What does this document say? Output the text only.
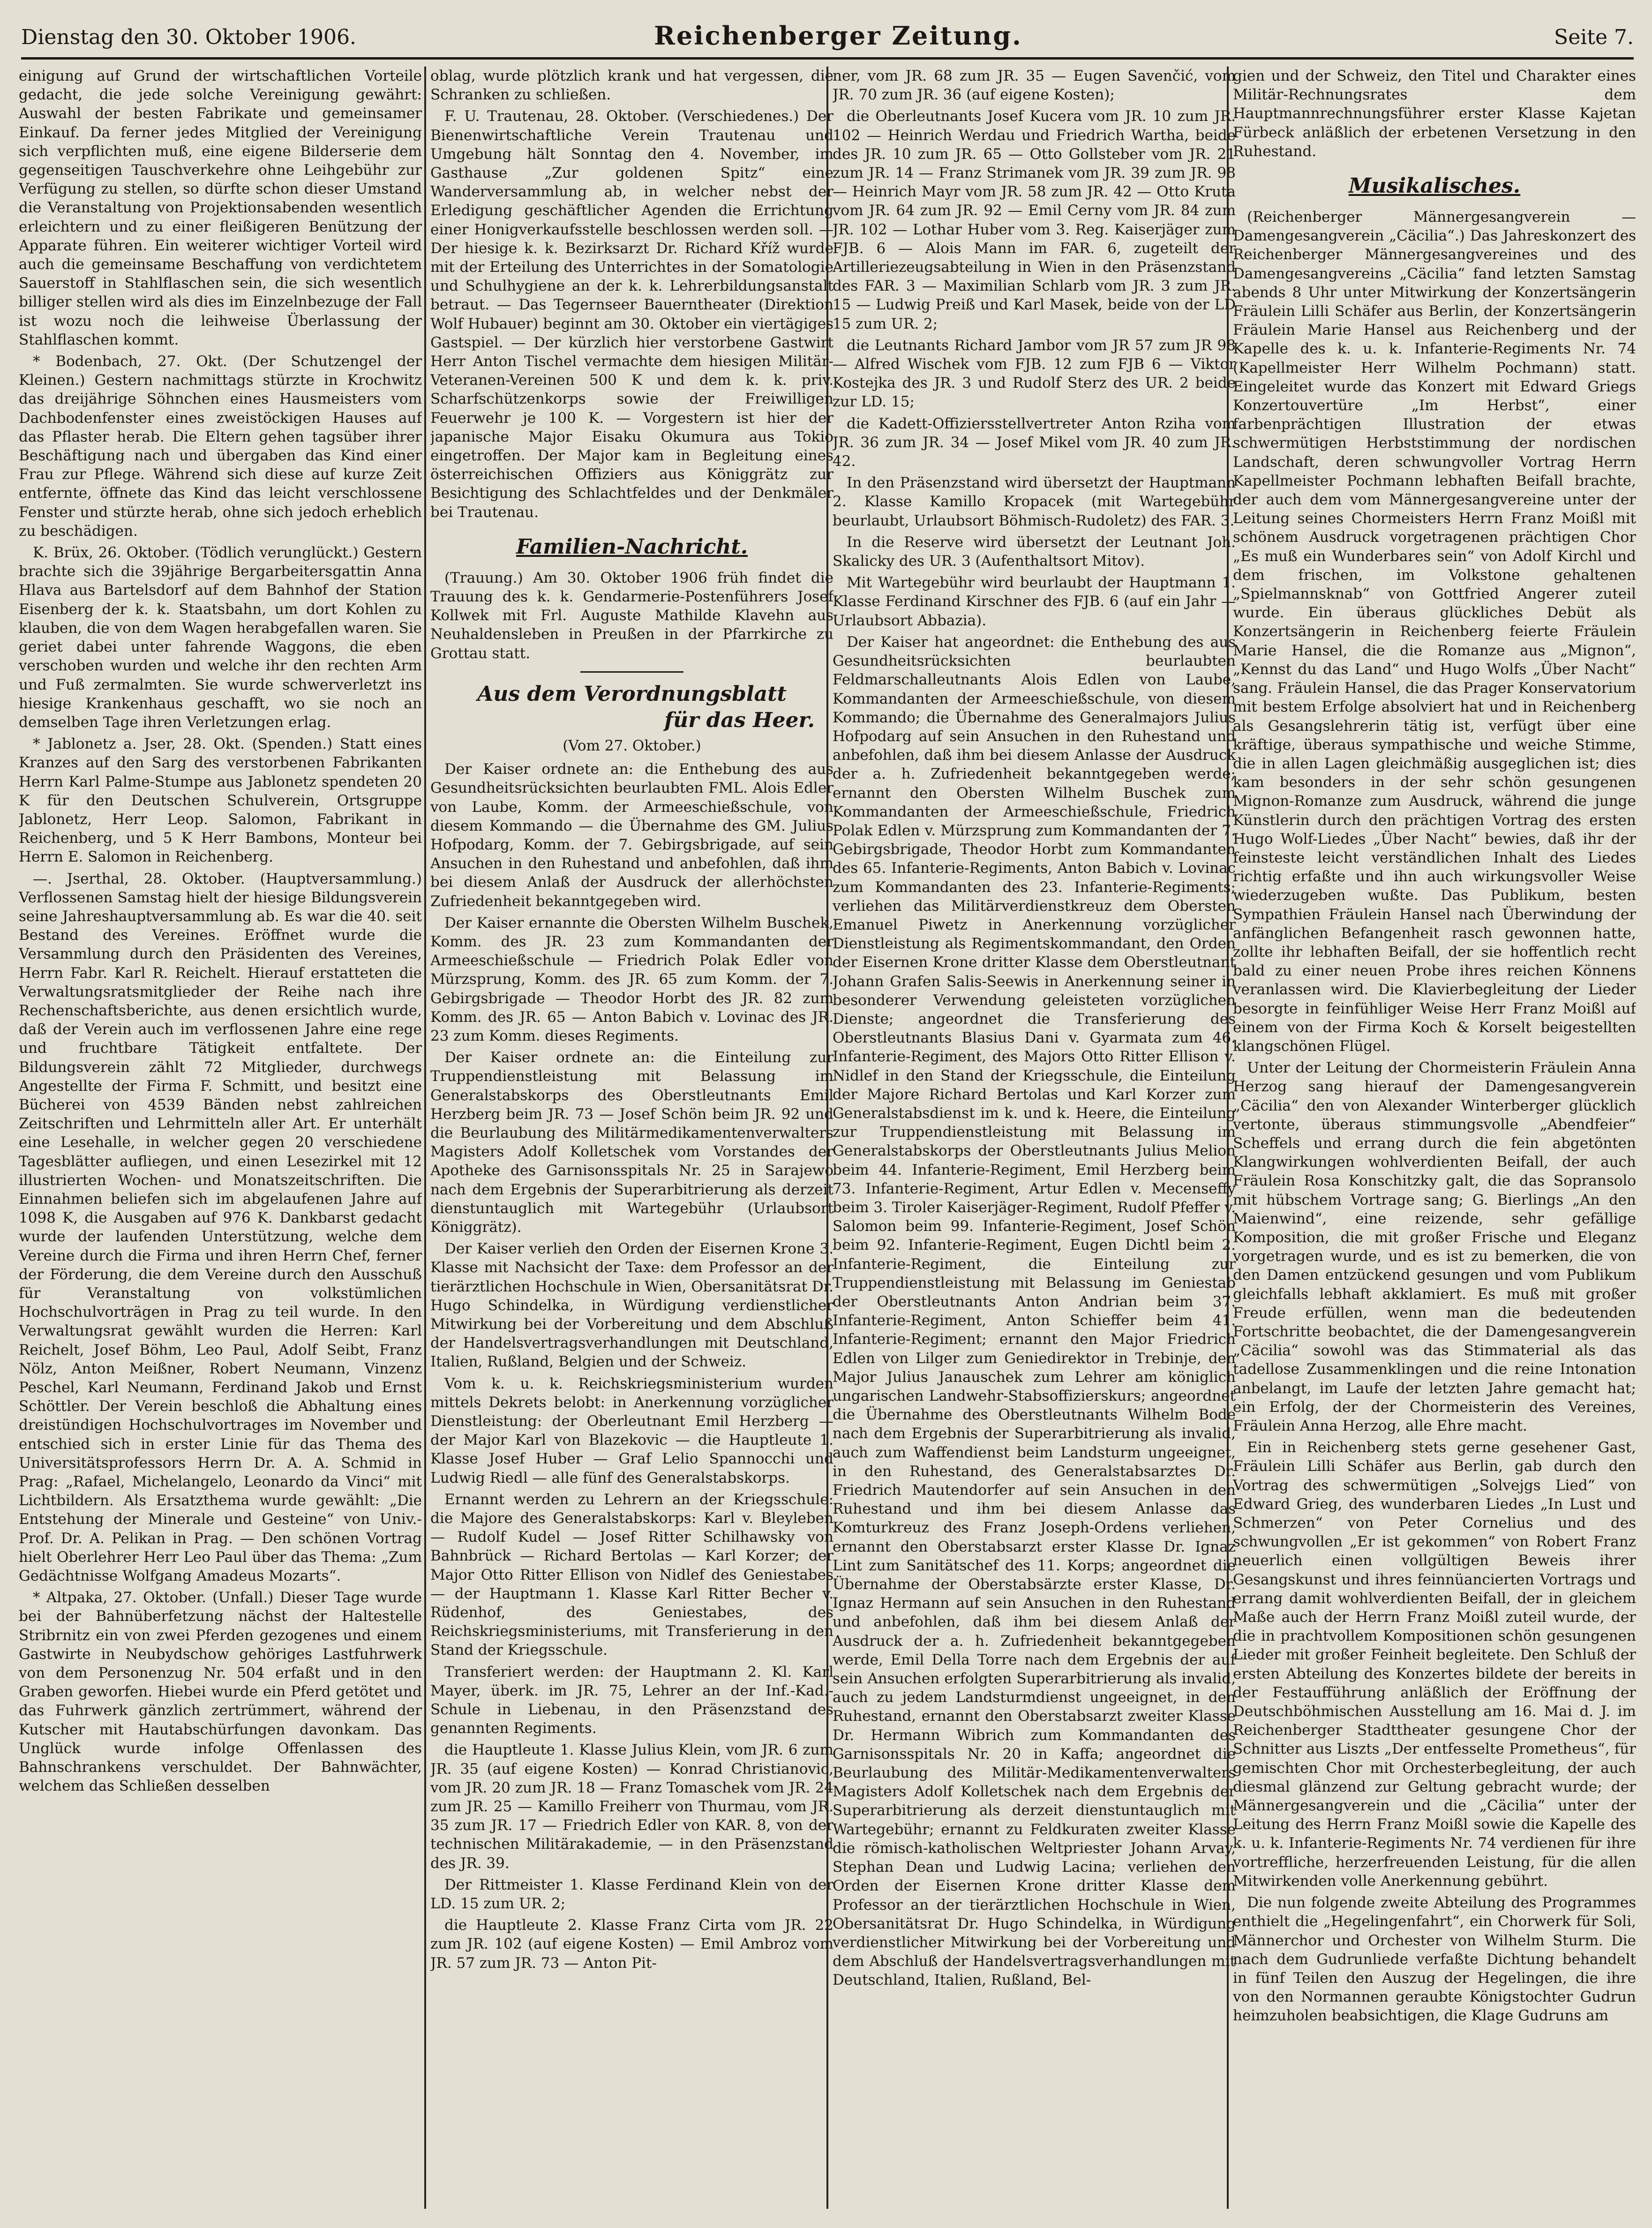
Dienstag den 30. Oktober 1906.	Reichenberger Zeitung.	Seite 7.

einigung auf Grund der wirtschaftlichen Vorteile gedacht, die jede solche Vereinigung gewährt: Auswahl der besten Fabrikate und gemeinsamer Einkauf. Da ferner jedes Mitglied der Vereinigung sich verpflichten muß, eine eigene Bilderserie dem gegenseitigen Tauschverkehre ohne Leihgebühr zur Verfügung zu stellen, so dürfte schon dieser Umstand die Veranstaltung von Projektionsabenden wesentlich erleichtern und zu einer fleißigeren Benützung der Apparate führen. Ein weiterer wichtiger Vorteil wird auch die gemeinsame Beschaffung von verdichtetem Sauerstoff in Stahlflaschen sein, die sich wesentlich billiger stellen wird als dies im Einzelnbezuge der Fall ist wozu noch die leihweise Überlassung der Stahlflaschen kommt.

* Bodenbach, 27. Okt. (Der Schutzengel der Kleinen.) Gestern nachmittags stürzte in Krochwitz das dreijährige Söhnchen eines Hausmeisters vom Dachbodenfenster eines zweistöckigen Hauses auf das Pflaster herab. Die Eltern gehen tagsüber ihrer Beschäftigung nach und übergaben das Kind einer Frau zur Pflege. Während sich diese auf kurze Zeit entfernte, öffnete das Kind das leicht verschlossene Fenster und stürzte herab, ohne sich jedoch erheblich zu beschädigen.

K. Brüx, 26. Oktober. (Tödlich verunglückt.) Gestern brachte sich die 39jährige Bergarbeitersgattin Anna Hlava aus Bartelsdorf auf dem Bahnhof der Station Eisenberg der k. k. Staatsbahn, um dort Kohlen zu klauben, die von dem Wagen herabgefallen waren. Sie geriet dabei unter fahrende Waggons, die eben verschoben wurden und welche ihr den rechten Arm und Fuß zermalmten. Sie wurde schwerverletzt ins hiesige Krankenhaus geschafft, wo sie noch an demselben Tage ihren Verletzungen erlag.

* Jablonetz a. Jser, 28. Okt. (Spenden.) Statt eines Kranzes auf den Sarg des verstorbenen Fabrikanten Herrn Karl Palme-Stumpe aus Jablonetz spendeten 20 K für den Deutschen Schulverein, Ortsgruppe Jablonetz, Herr Leop. Salomon, Fabrikant in Reichenberg, und 5 K Herr Bambons, Monteur bei Herrn E. Salomon in Reichenberg.

—. Jserthal, 28. Oktober. (Hauptversammlung.) Verflossenen Samstag hielt der hiesige Bildungsverein seine Jahreshauptversammlung ab. Es war die 40. seit Bestand des Vereines. Eröffnet wurde die Versammlung durch den Präsidenten des Vereines, Herrn Fabr. Karl R. Reichelt. Hierauf erstatteten die Verwaltungsratsmitglieder der Reihe nach ihre Rechenschaftsberichte, aus denen ersichtlich wurde, daß der Verein auch im verflossenen Jahre eine rege und fruchtbare Tätigkeit entfaltete. Der Bildungsverein zählt 72 Mitglieder, durchwegs Angestellte der Firma F. Schmitt, und besitzt eine Bücherei von 4539 Bänden nebst zahlreichen Zeitschriften und Lehrmitteln aller Art. Er unterhält eine Lesehalle, in welcher gegen 20 verschiedene Tagesblätter aufliegen, und einen Lesezirkel mit 12 illustrierten Wochen- und Monatszeitschriften. Die Einnahmen beliefen sich im abgelaufenen Jahre auf 1098 K, die Ausgaben auf 976 K. Dankbarst gedacht wurde der laufenden Unterstützung, welche dem Vereine durch die Firma und ihren Herrn Chef, ferner der Förderung, die dem Vereine durch den Ausschuß für Veranstaltung von volkstümlichen Hochschulvorträgen in Prag zu teil wurde. In den Verwaltungsrat gewählt wurden die Herren: Karl Reichelt, Josef Böhm, Leo Paul, Adolf Seibt, Franz Nölz, Anton Meißner, Robert Neumann, Vinzenz Peschel, Karl Neumann, Ferdinand Jakob und Ernst Schöttler. Der Verein beschloß die Abhaltung eines dreistündigen Hochschulvortrages im November und entschied sich in erster Linie für das Thema des Universitätsprofessors Herrn Dr. A. A. Schmid in Prag: „Rafael, Michelangelo, Leonardo da Vinci“ mit Lichtbildern. Als Ersatzthema wurde gewählt: „Die Entstehung der Minerale und Gesteine“ von Univ.-Prof. Dr. A. Pelikan in Prag. — Den schönen Vortrag hielt Oberlehrer Herr Leo Paul über das Thema: „Zum Gedächtnisse Wolfgang Amadeus Mozarts“.

* Altpaka, 27. Oktober. (Unfall.) Dieser Tage wurde bei der Bahnüberfetzung nächst der Haltestelle Stribrnitz ein von zwei Pferden gezogenes und einem Gastwirte in Neubydschow gehöriges Lastfuhrwerk von dem Personenzug Nr. 504 erfaßt und in den Graben geworfen. Hiebei wurde ein Pferd getötet und das Fuhrwerk gänzlich zertrümmert, während der Kutscher mit Hautabschürfungen davonkam. Das Unglück wurde infolge Offenlassen des Bahnschrankens verschuldet. Der Bahnwächter, welchem das Schließen desselben

oblag, wurde plötzlich krank und hat vergessen, die Schranken zu schließen.

F. U. Trautenau, 28. Oktober. (Verschiedenes.) Der Bienenwirtschaftliche Verein Trautenau und Umgebung hält Sonntag den 4. November, im Gasthause „Zur goldenen Spitz“ eine Wanderversammlung ab, in welcher nebst der Erledigung geschäftlicher Agenden die Errichtung einer Honigverkaufsstelle beschlossen werden soll. — Der hiesige k. k. Bezirksarzt Dr. Richard Kříž wurde mit der Erteilung des Unterrichtes in der Somatologie und Schulhygiene an der k. k. Lehrerbildungsanstalt betraut. — Das Tegernseer Bauerntheater (Direktion Wolf Hubauer) beginnt am 30. Oktober ein viertägiges Gastspiel. — Der kürzlich hier verstorbene Gastwirt Herr Anton Tischel vermachte dem hiesigen Militär-Veteranen-Vereinen 500 K und dem k. k. priv. Scharfschützenkorps sowie der Freiwilligen Feuerwehr je 100 K. — Vorgestern ist hier der japanische Major Eisaku Okumura aus Tokio eingetroffen. Der Major kam in Begleitung eines österreichischen Offiziers aus Königgrätz zur Besichtigung des Schlachtfeldes und der Denkmäler bei Trautenau.

Familien-Nachricht.

(Trauung.) Am 30. Oktober 1906 früh findet die Trauung des k. k. Gendarmerie-Postenführers Josef Kollwek mit Frl. Auguste Mathilde Klavehn aus Neuhaldensleben in Preußen in der Pfarrkirche zu Grottau statt.

Aus dem Verordnungsblatt
für das Heer.
(Vom 27. Oktober.)

Der Kaiser ordnete an: die Enthebung des aus Gesundheitsrücksichten beurlaubten FML. Alois Edler von Laube, Komm. der Armeeschießschule, von diesem Kommando — die Übernahme des GM. Julius Hofpodarg, Komm. der 7. Gebirgsbrigade, auf sein Ansuchen in den Ruhestand und anbefohlen, daß ihm bei diesem Anlaß der Ausdruck der allerhöchsten Zufriedenheit bekanntgegeben wird.

Der Kaiser ernannte die Obersten Wilhelm Buschek, Komm. des JR. 23 zum Kommandanten der Armeeschießschule — Friedrich Polak Edler von Mürzsprung, Komm. des JR. 65 zum Komm. der 7. Gebirgsbrigade — Theodor Horbt des JR. 82 zum Komm. des JR. 65 — Anton Babich v. Lovinac des JR. 23 zum Komm. dieses Regiments.

Der Kaiser ordnete an: die Einteilung zur Truppendienstleistung mit Belassung im Generalstabskorps des Oberstleutnants Emil Herzberg beim JR. 73 — Josef Schön beim JR. 92 und die Beurlaubung des Militärmedikamentenverwalters Magisters Adolf Kolletschek vom Vorstandes der Apotheke des Garnisonsspitals Nr. 25 in Sarajewo nach dem Ergebnis der Superarbitrierung als derzeit dienstuntauglich mit Wartegebühr (Urlaubsort Königgrätz).

Der Kaiser verlieh den Orden der Eisernen Krone 3. Klasse mit Nachsicht der Taxe: dem Professor an der tierärztlichen Hochschule in Wien, Obersanitätsrat Dr. Hugo Schindelka, in Würdigung verdienstlicher Mitwirkung bei der Vorbereitung und dem Abschluß der Handelsvertragsverhandlungen mit Deutschland, Italien, Rußland, Belgien und der Schweiz.

Vom k. u. k. Reichskriegsministerium wurden mittels Dekrets belobt: in Anerkennung vorzüglicher Dienstleistung: der Oberleutnant Emil Herzberg — der Major Karl von Blazekovic — die Hauptleute 1. Klasse Josef Huber — Graf Lelio Spannocchi und Ludwig Riedl — alle fünf des Generalstabskorps.

Ernannt werden zu Lehrern an der Kriegsschule: die Majore des Generalstabskorps: Karl v. Bleyleben — Rudolf Kudel — Josef Ritter Schilhawsky von Bahnbrück — Richard Bertolas — Karl Korzer; der Major Otto Ritter Ellison von Nidlef des Geniestabes — der Hauptmann 1. Klasse Karl Ritter Becher v. Rüdenhof, des Geniestabes, des Reichskriegsministeriums, mit Transferierung in den Stand der Kriegsschule.

Transferiert werden: der Hauptmann 2. Kl. Karl Mayer, überk. im JR. 75, Lehrer an der Inf.-Kad.-Schule in Liebenau, in den Präsenzstand des genannten Regiments.

die Hauptleute 1. Klasse Julius Klein, vom JR. 6 zum JR. 35 (auf eigene Kosten) — Konrad Christianovic, vom JR. 20 zum JR. 18 — Franz Tomaschek vom JR. 24 zum JR. 25 — Kamillo Freiherr von Thurmau, vom JR. 35 zum JR. 17 — Friedrich Edler von KAR. 8, von der technischen Militärakademie, — in den Präsenzstand des JR. 39.

Der Rittmeister 1. Klasse Ferdinand Klein von der LD. 15 zum UR. 2;

die Hauptleute 2. Klasse Franz Cirta vom JR. 22 zum JR. 102 (auf eigene Kosten) — Emil Ambroz vom JR. 57 zum JR. 73 — Anton Pit-

ner, vom JR. 68 zum JR. 35 — Eugen Savenčić, vom JR. 70 zum JR. 36 (auf eigene Kosten);

die Oberleutnants Josef Kucera vom JR. 10 zum JR. 102 — Heinrich Werdau und Friedrich Wartha, beide des JR. 10 zum JR. 65 — Otto Gollsteber vom JR. 21 zum JR. 14 — Franz Strimanek vom JR. 39 zum JR. 98 — Heinrich Mayr vom JR. 58 zum JR. 42 — Otto Kruta vom JR. 64 zum JR. 92 — Emil Cerny vom JR. 84 zum JR. 102 — Lothar Huber vom 3. Reg. Kaiserjäger zum FJB. 6 — Alois Mann im FAR. 6, zugeteilt der Artilleriezeugsabteilung in Wien in den Präsenzstand des FAR. 3 — Maximilian Schlarb vom JR. 3 zum JR. 15 — Ludwig Preiß und Karl Masek, beide von der LD 15 zum UR. 2;

die Leutnants Richard Jambor vom JR 57 zum JR 98 — Alfred Wischek vom FJB. 12 zum FJB 6 — Viktor Kostejka des JR. 3 und Rudolf Sterz des UR. 2 beide zur LD. 15;

die Kadett-Offiziersstellvertreter Anton Rziha vom JR. 36 zum JR. 34 — Josef Mikel vom JR. 40 zum JR. 42.

In den Präsenzstand wird übersetzt der Hauptmann 2. Klasse Kamillo Kropacek (mit Wartegebühr beurlaubt, Urlaubsort Böhmisch-Rudoletz) des FAR. 3.

In die Reserve wird übersetzt der Leutnant Joh. Skalicky des UR. 3 (Aufenthaltsort Mitov).

Mit Wartegebühr wird beurlaubt der Hauptmann 1. Klasse Ferdinand Kirschner des FJB. 6 (auf ein Jahr — Urlaubsort Abbazia).

Der Kaiser hat angeordnet: die Enthebung des aus Gesundheitsrücksichten beurlaubten Feldmarschalleutnants Alois Edlen von Laube, Kommandanten der Armeeschießschule, von diesem Kommando; die Übernahme des Generalmajors Julius Hofpodarg auf sein Ansuchen in den Ruhestand und anbefohlen, daß ihm bei diesem Anlasse der Ausdruck der a. h. Zufriedenheit bekanntgegeben werde; ernannt den Obersten Wilhelm Buschek zum Kommandanten der Armeeschießschule, Friedrich Polak Edlen v. Mürzsprung zum Kommandanten der 7. Gebirgsbrigade, Theodor Horbt zum Kommandanten des 65. Infanterie-Regiments, Anton Babich v. Lovinac zum Kommandanten des 23. Infanterie-Regiments; verliehen das Militärverdienstkreuz dem Obersten Emanuel Piwetz in Anerkennung vorzüglicher Dienstleistung als Regimentskommandant, den Orden der Eisernen Krone dritter Klasse dem Oberstleutnant Johann Grafen Salis-Seewis in Anerkennung seiner in besonderer Verwendung geleisteten vorzüglichen Dienste; angeordnet die Transferierung des Oberstleutnants Blasius Dani v. Gyarmata zum 46. Infanterie-Regiment, des Majors Otto Ritter Ellison v. Nidlef in den Stand der Kriegsschule, die Einteilung der Majore Richard Bertolas und Karl Korzer zum Generalstabsdienst im k. und k. Heere, die Einteilung zur Truppendienstleistung mit Belassung im Generalstabskorps der Oberstleutnants Julius Melion beim 44. Infanterie-Regiment, Emil Herzberg beim 73. Infanterie-Regiment, Artur Edlen v. Mecenseffy beim 3. Tiroler Kaiserjäger-Regiment, Rudolf Pfeffer v. Salomon beim 99. Infanterie-Regiment, Josef Schön beim 92. Infanterie-Regiment, Eugen Dichtl beim 2. Infanterie-Regiment, die Einteilung zur Truppendienstleistung mit Belassung im Geniestab der Oberstleutnants Anton Andrian beim 37. Infanterie-Regiment, Anton Schieffer beim 41. Infanterie-Regiment; ernannt den Major Friedrich Edlen von Lilger zum Geniedirektor in Trebinje, den Major Julius Janauschek zum Lehrer am königlich ungarischen Landwehr-Stabsoffizierskurs; angeordnet die Übernahme des Oberstleutnants Wilhelm Bode nach dem Ergebnis der Superarbitrierung als invalid, auch zum Waffendienst beim Landsturm ungeeignet, in den Ruhestand, des Generalstabsarztes Dr. Friedrich Mautendorfer auf sein Ansuchen in den Ruhestand und ihm bei diesem Anlasse das Komturkreuz des Franz Joseph-Ordens verliehen, ernannt den Oberstabsarzt erster Klasse Dr. Ignaz Lint zum Sanitätschef des 11. Korps; angeordnet die Übernahme der Oberstabsärzte erster Klasse, Dr. Ignaz Hermann auf sein Ansuchen in den Ruhestand und anbefohlen, daß ihm bei diesem Anlaß der Ausdruck der a. h. Zufriedenheit bekanntgegeben werde, Emil Della Torre nach dem Ergebnis der auf sein Ansuchen erfolgten Superarbitrierung als invalid, auch zu jedem Landsturmdienst ungeeignet, in den Ruhestand, ernannt den Oberstabsarzt zweiter Klasse Dr. Hermann Wibrich zum Kommandanten des Garnisonsspitals Nr. 20 in Kaffa; angeordnet die Beurlaubung des Militär-Medikamentenverwalters Magisters Adolf Kolletschek nach dem Ergebnis der Superarbitrierung als derzeit dienstuntauglich mit Wartegebühr; ernannt zu Feldkuraten zweiter Klasse die römisch-katholischen Weltpriester Johann Arvay, Stephan Dean und Ludwig Lacina; verliehen den Orden der Eisernen Krone dritter Klasse dem Professor an der tierärztlichen Hochschule in Wien, Obersanitätsrat Dr. Hugo Schindelka, in Würdigung verdienstlicher Mitwirkung bei der Vorbereitung und dem Abschluß der Handelsvertragsverhandlungen mit Deutschland, Italien, Rußland, Bel-

gien und der Schweiz, den Titel und Charakter eines Militär-Rechnungsrates dem Hauptmannrechnungsführer erster Klasse Kajetan Fürbeck anläßlich der erbetenen Versetzung in den Ruhestand.

Musikalisches.

(Reichenberger Männergesangverein — Damengesangverein „Cäcilia“.) Das Jahreskonzert des Reichenberger Männergesangvereines und des Damengesangvereins „Cäcilia“ fand letzten Samstag abends 8 Uhr unter Mitwirkung der Konzertsängerin Fräulein Lilli Schäfer aus Berlin, der Konzertsängerin Fräulein Marie Hansel aus Reichenberg und der Kapelle des k. u. k. Infanterie-Regiments Nr. 74 (Kapellmeister Herr Wilhelm Pochmann) statt. Eingeleitet wurde das Konzert mit Edward Griegs Konzertouvertüre „Im Herbst“, einer farbenprächtigen Illustration der etwas schwermütigen Herbststimmung der nordischen Landschaft, deren schwungvoller Vortrag Herrn Kapellmeister Pochmann lebhaften Beifall brachte, der auch dem vom Männergesangvereine unter der Leitung seines Chormeisters Herrn Franz Moißl mit schönem Ausdruck vorgetragenen prächtigen Chor „Es muß ein Wunderbares sein“ von Adolf Kirchl und dem frischen, im Volkstone gehaltenen „Spielmannsknab“ von Gottfried Angerer zuteil wurde. Ein überaus glückliches Debüt als Konzertsängerin in Reichenberg feierte Fräulein Marie Hansel, die die Romanze aus „Mignon“, „Kennst du das Land“ und Hugo Wolfs „Über Nacht“ sang. Fräulein Hansel, die das Prager Konservatorium mit bestem Erfolge absolviert hat und in Reichenberg als Gesangslehrerin tätig ist, verfügt über eine kräftige, überaus sympathische und weiche Stimme, die in allen Lagen gleichmäßig ausgeglichen ist; dies kam besonders in der sehr schön gesungenen Mignon-Romanze zum Ausdruck, während die junge Künstlerin durch den prächtigen Vortrag des ersten Hugo Wolf-Liedes „Über Nacht“ bewies, daß ihr der feinsteste leicht verständlichen Inhalt des Liedes richtig erfaßte und ihn auch wirkungsvoller Weise wiederzugeben wußte. Das Publikum, besten Sympathien Fräulein Hansel nach Überwindung der anfänglichen Befangenheit rasch gewonnen hatte, zollte ihr lebhaften Beifall, der sie hoffentlich recht bald zu einer neuen Probe ihres reichen Könnens veranlassen wird. Die Klavierbegleitung der Lieder besorgte in feinfühliger Weise Herr Franz Moißl auf einem von der Firma Koch & Korselt beigestellten klangschönen Flügel.

Unter der Leitung der Chormeisterin Fräulein Anna Herzog sang hierauf der Damengesangverein „Cäcilia“ den von Alexander Winterberger glücklich vertonte, überaus stimmungsvolle „Abendfeier“ Scheffels und errang durch die fein abgetönten Klangwirkungen wohlverdienten Beifall, der auch Fräulein Rosa Konschitzky galt, die das Sopransolo mit hübschem Vortrage sang; G. Bierlings „An den Maienwind“, eine reizende, sehr gefällige Komposition, die mit großer Frische und Eleganz vorgetragen wurde, und es ist zu bemerken, die von den Damen entzückend gesungen und vom Publikum gleichfalls lebhaft akklamiert. Es muß mit großer Freude erfüllen, wenn man die bedeutenden Fortschritte beobachtet, die der Damengesangverein „Cäcilia“ sowohl was das Stimmaterial als das tadellose Zusammenklingen und die reine Intonation anbelangt, im Laufe der letzten Jahre gemacht hat; ein Erfolg, der der Chormeisterin des Vereines, Fräulein Anna Herzog, alle Ehre macht.

Ein in Reichenberg stets gerne gesehener Gast, Fräulein Lilli Schäfer aus Berlin, gab durch den Vortrag des schwermütigen „Solvejgs Lied“ von Edward Grieg, des wunderbaren Liedes „In Lust und Schmerzen“ von Peter Cornelius und des schwungvollen „Er ist gekommen“ von Robert Franz neuerlich einen vollgültigen Beweis ihrer Gesangskunst und ihres feinnüancierten Vortrags und errang damit wohlverdienten Beifall, der in gleichem Maße auch der Herrn Franz Moißl zuteil wurde, der die in prachtvollem Kompositionen schön gesungenen Lieder mit großer Feinheit begleitete. Den Schluß der ersten Abteilung des Konzertes bildete der bereits in der Festaufführung anläßlich der Eröffnung der Deutschböhmischen Ausstellung am 16. Mai d. J. im Reichenberger Stadttheater gesungene Chor der Schnitter aus Liszts „Der entfesselte Prometheus“, für gemischten Chor mit Orchesterbegleitung, der auch diesmal glänzend zur Geltung gebracht wurde; der Männergesangverein und die „Cäcilia“ unter der Leitung des Herrn Franz Moißl sowie die Kapelle des k. u. k. Infanterie-Regiments Nr. 74 verdienen für ihre vortreffliche, herzerfreuenden Leistung, für die allen Mitwirkenden volle Anerkennung gebührt.

Die nun folgende zweite Abteilung des Programmes enthielt die „Hegelingenfahrt“, ein Chorwerk für Soli, Männerchor und Orchester von Wilhelm Sturm. Die nach dem Gudrunliede verfaßte Dichtung behandelt in fünf Teilen den Auszug der Hegelingen, die ihre von den Normannen geraubte Königstochter Gudrun heimzuholen beabsichtigen, die Klage Gudruns am
